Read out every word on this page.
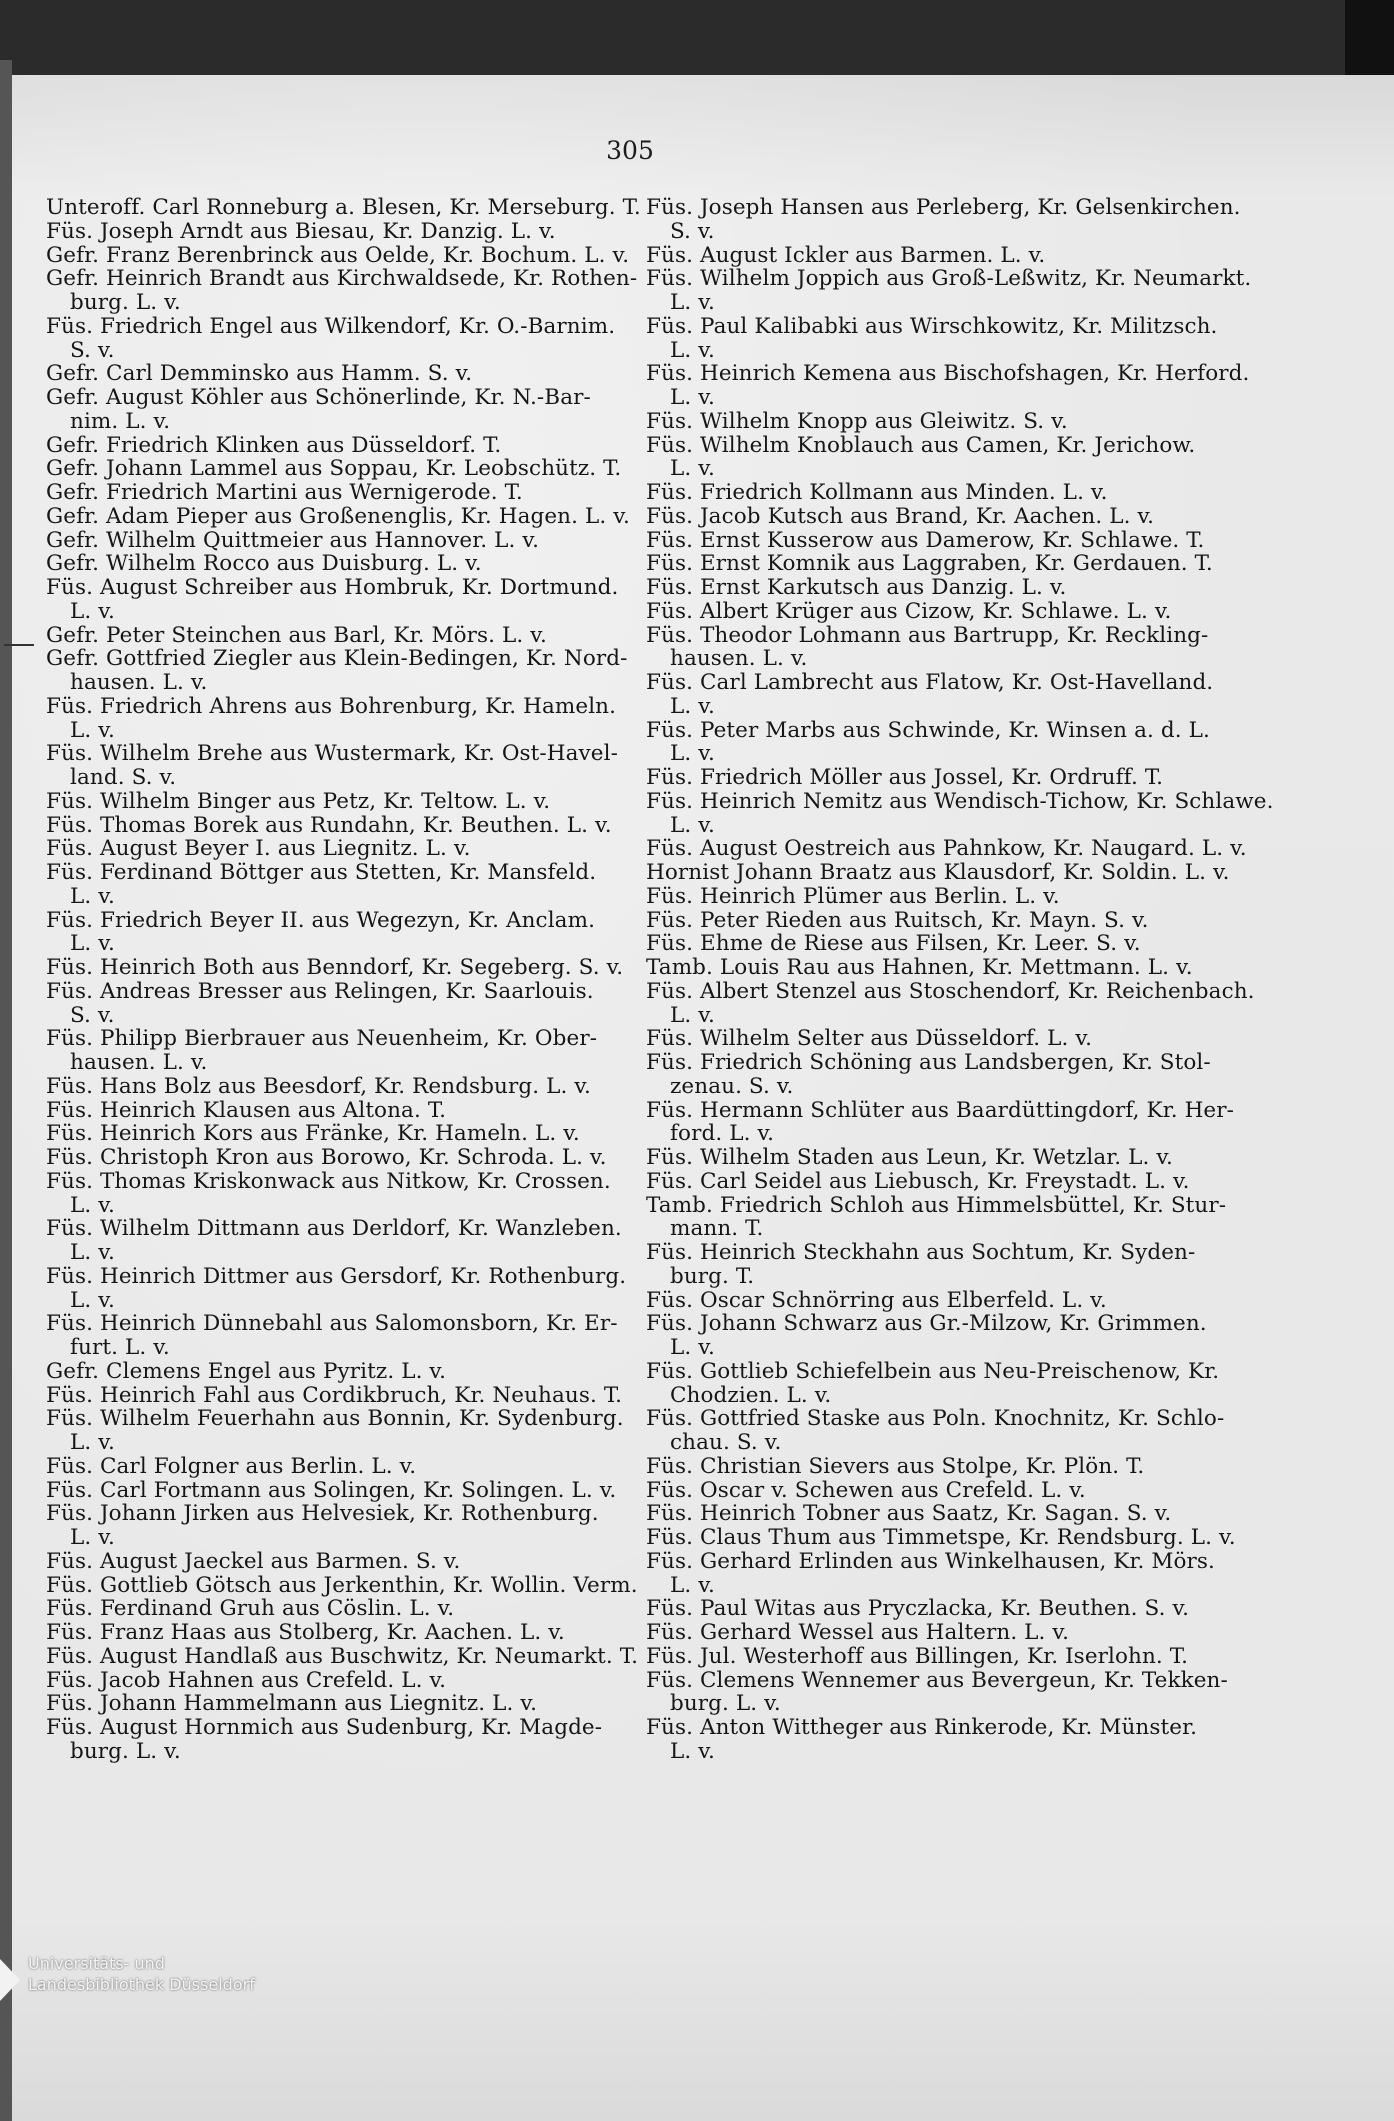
305
Unteroff. Carl Ronneburg a. Blesen, Kr. Merseburg. T.
Füs. Joseph Arndt aus Biesau, Kr. Danzig. L. v.
Gefr. Franz Berenbrinck aus Oelde, Kr. Bochum. L. v.
Gefr. Heinrich Brandt aus Kirchwaldsede, Kr. Rothen-
burg. L. v.
Füs. Friedrich Engel aus Wilkendorf, Kr. O.-Barnim.
S. v.
Gefr. Carl Demminsko aus Hamm. S. v.
Gefr. August Köhler aus Schönerlinde, Kr. N.-Bar-
nim. L. v.
Gefr. Friedrich Klinken aus Düsseldorf. T.
Gefr. Johann Lammel aus Soppau, Kr. Leobschütz. T.
Gefr. Friedrich Martini aus Wernigerode. T.
Gefr. Adam Pieper aus Großenenglis, Kr. Hagen. L. v.
Gefr. Wilhelm Quittmeier aus Hannover. L. v.
Gefr. Wilhelm Rocco aus Duisburg. L. v.
Füs. August Schreiber aus Hombruk, Kr. Dortmund.
L. v.
Gefr. Peter Steinchen aus Barl, Kr. Mörs. L. v.
Gefr. Gottfried Ziegler aus Klein-Bedingen, Kr. Nord-
hausen. L. v.
Füs. Friedrich Ahrens aus Bohrenburg, Kr. Hameln.
L. v.
Füs. Wilhelm Brehe aus Wustermark, Kr. Ost-Havel-
land. S. v.
Füs. Wilhelm Binger aus Petz, Kr. Teltow. L. v.
Füs. Thomas Borek aus Rundahn, Kr. Beuthen. L. v.
Füs. August Beyer I. aus Liegnitz. L. v.
Füs. Ferdinand Böttger aus Stetten, Kr. Mansfeld.
L. v.
Füs. Friedrich Beyer II. aus Wegezyn, Kr. Anclam.
L. v.
Füs. Heinrich Both aus Benndorf, Kr. Segeberg. S. v.
Füs. Andreas Bresser aus Relingen, Kr. Saarlouis.
S. v.
Füs. Philipp Bierbrauer aus Neuenheim, Kr. Ober-
hausen. L. v.
Füs. Hans Bolz aus Beesdorf, Kr. Rendsburg. L. v.
Füs. Heinrich Klausen aus Altona. T.
Füs. Heinrich Kors aus Fränke, Kr. Hameln. L. v.
Füs. Christoph Kron aus Borowo, Kr. Schroda. L. v.
Füs. Thomas Kriskonwack aus Nitkow, Kr. Crossen.
L. v.
Füs. Wilhelm Dittmann aus Derldorf, Kr. Wanzleben.
L. v.
Füs. Heinrich Dittmer aus Gersdorf, Kr. Rothenburg.
L. v.
Füs. Heinrich Dünnebahl aus Salomonsborn, Kr. Er-
furt. L. v.
Gefr. Clemens Engel aus Pyritz. L. v.
Füs. Heinrich Fahl aus Cordikbruch, Kr. Neuhaus. T.
Füs. Wilhelm Feuerhahn aus Bonnin, Kr. Sydenburg.
L. v.
Füs. Carl Folgner aus Berlin. L. v.
Füs. Carl Fortmann aus Solingen, Kr. Solingen. L. v.
Füs. Johann Jirken aus Helvesiek, Kr. Rothenburg.
L. v.
Füs. August Jaeckel aus Barmen. S. v.
Füs. Gottlieb Götsch aus Jerkenthin, Kr. Wollin. Verm.
Füs. Ferdinand Gruh aus Cöslin. L. v.
Füs. Franz Haas aus Stolberg, Kr. Aachen. L. v.
Füs. August Handlaß aus Buschwitz, Kr. Neumarkt. T.
Füs. Jacob Hahnen aus Crefeld. L. v.
Füs. Johann Hammelmann aus Liegnitz. L. v.
Füs. August Hornmich aus Sudenburg, Kr. Magde-
burg. L. v.
Füs. Joseph Hansen aus Perleberg, Kr. Gelsenkirchen.
S. v.
Füs. August Ickler aus Barmen. L. v.
Füs. Wilhelm Joppich aus Groß-Leßwitz, Kr. Neumarkt.
L. v.
Füs. Paul Kalibabki aus Wirschkowitz, Kr. Militzsch.
L. v.
Füs. Heinrich Kemena aus Bischofshagen, Kr. Herford.
L. v.
Füs. Wilhelm Knopp aus Gleiwitz. S. v.
Füs. Wilhelm Knoblauch aus Camen, Kr. Jerichow.
L. v.
Füs. Friedrich Kollmann aus Minden. L. v.
Füs. Jacob Kutsch aus Brand, Kr. Aachen. L. v.
Füs. Ernst Kusserow aus Damerow, Kr. Schlawe. T.
Füs. Ernst Komnik aus Laggraben, Kr. Gerdauen. T.
Füs. Ernst Karkutsch aus Danzig. L. v.
Füs. Albert Krüger aus Cizow, Kr. Schlawe. L. v.
Füs. Theodor Lohmann aus Bartrupp, Kr. Reckling-
hausen. L. v.
Füs. Carl Lambrecht aus Flatow, Kr. Ost-Havelland.
L. v.
Füs. Peter Marbs aus Schwinde, Kr. Winsen a. d. L.
L. v.
Füs. Friedrich Möller aus Jossel, Kr. Ordruff. T.
Füs. Heinrich Nemitz aus Wendisch-Tichow, Kr. Schlawe.
L. v.
Füs. August Oestreich aus Pahnkow, Kr. Naugard. L. v.
Hornist Johann Braatz aus Klausdorf, Kr. Soldin. L. v.
Füs. Heinrich Plümer aus Berlin. L. v.
Füs. Peter Rieden aus Ruitsch, Kr. Mayn. S. v.
Füs. Ehme de Riese aus Filsen, Kr. Leer. S. v.
Tamb. Louis Rau aus Hahnen, Kr. Mettmann. L. v.
Füs. Albert Stenzel aus Stoschendorf, Kr. Reichenbach.
L. v.
Füs. Wilhelm Selter aus Düsseldorf. L. v.
Füs. Friedrich Schöning aus Landsbergen, Kr. Stol-
zenau. S. v.
Füs. Hermann Schlüter aus Baardüttingdorf, Kr. Her-
ford. L. v.
Füs. Wilhelm Staden aus Leun, Kr. Wetzlar. L. v.
Füs. Carl Seidel aus Liebusch, Kr. Freystadt. L. v.
Tamb. Friedrich Schloh aus Himmelsbüttel, Kr. Stur-
mann. T.
Füs. Heinrich Steckhahn aus Sochtum, Kr. Syden-
burg. T.
Füs. Oscar Schnörring aus Elberfeld. L. v.
Füs. Johann Schwarz aus Gr.-Milzow, Kr. Grimmen.
L. v.
Füs. Gottlieb Schiefelbein aus Neu-Preischenow, Kr.
Chodzien. L. v.
Füs. Gottfried Staske aus Poln. Knochnitz, Kr. Schlo-
chau. S. v.
Füs. Christian Sievers aus Stolpe, Kr. Plön. T.
Füs. Oscar v. Schewen aus Crefeld. L. v.
Füs. Heinrich Tobner aus Saatz, Kr. Sagan. S. v.
Füs. Claus Thum aus Timmetspe, Kr. Rendsburg. L. v.
Füs. Gerhard Erlinden aus Winkelhausen, Kr. Mörs.
L. v.
Füs. Paul Witas aus Pryczlacka, Kr. Beuthen. S. v.
Füs. Gerhard Wessel aus Haltern. L. v.
Füs. Jul. Westerhoff aus Billingen, Kr. Iserlohn. T.
Füs. Clemens Wennemer aus Bevergeun, Kr. Tekken-
burg. L. v.
Füs. Anton Wittheger aus Rinkerode, Kr. Münster.
L. v.
Universitäts- und
Landesbibliothek Düsseldorf
